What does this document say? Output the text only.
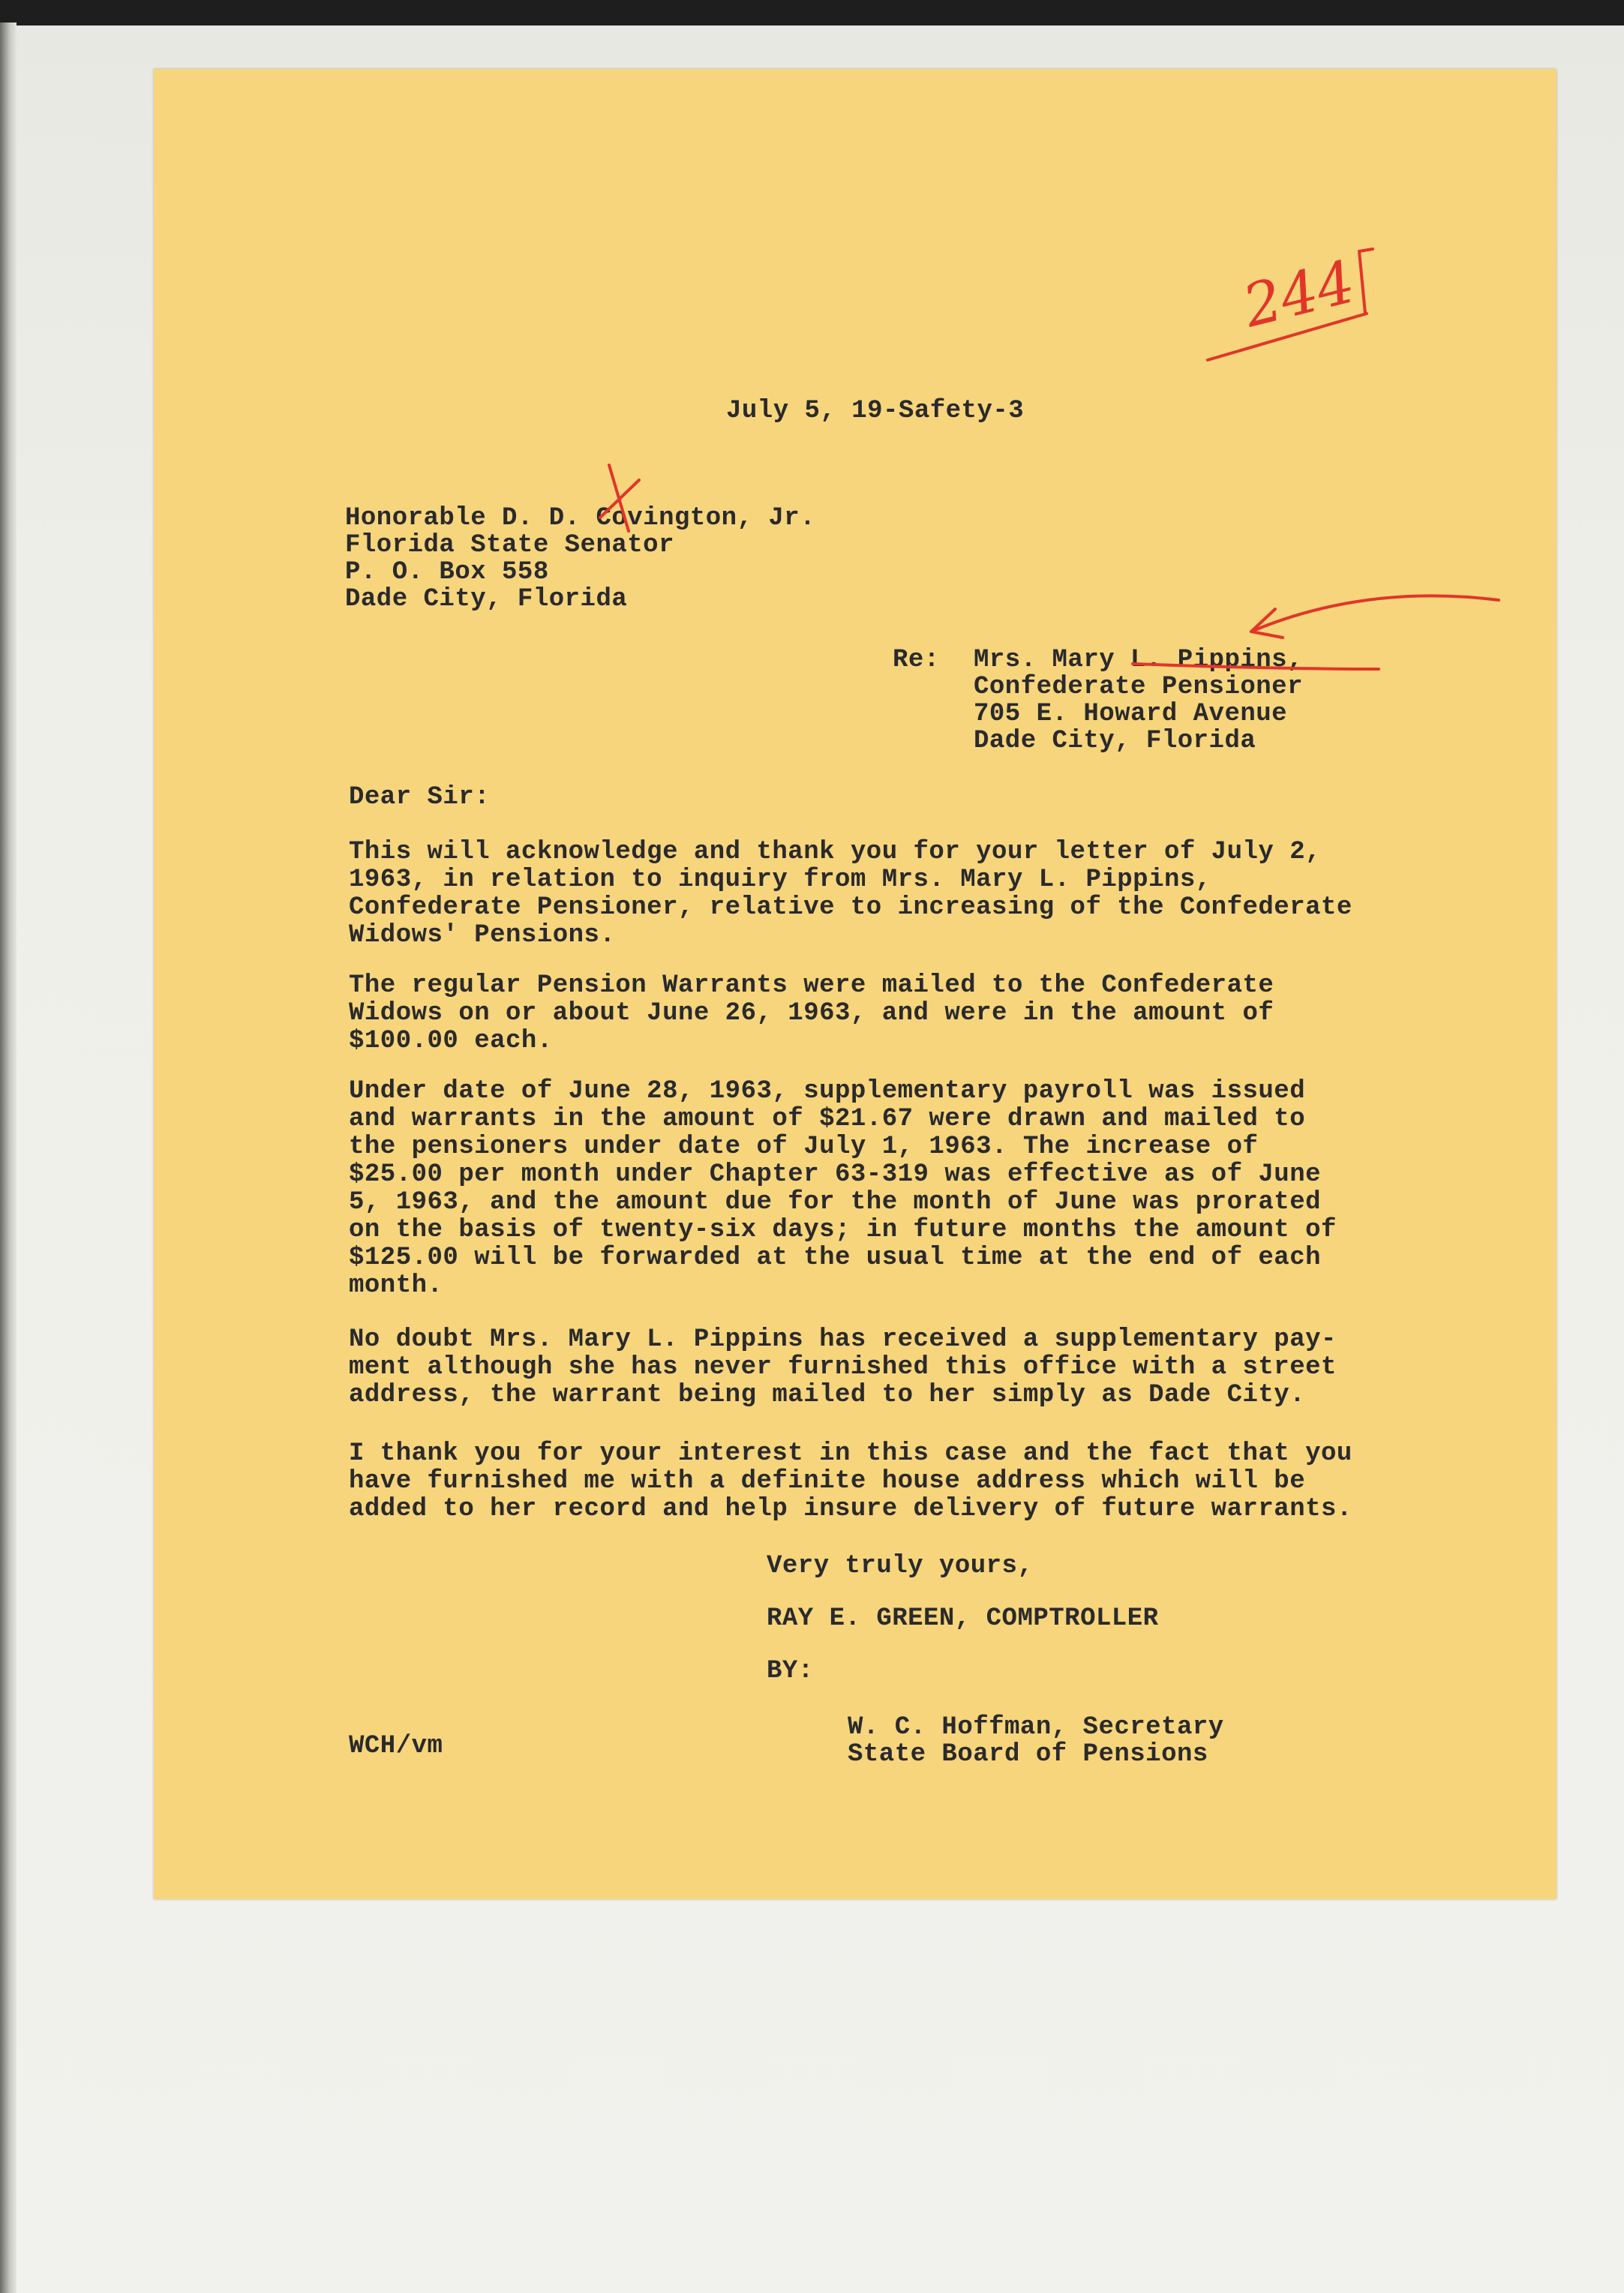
244
July 5, 19-Safety-3
Honorable D. D. Covington, Jr.
Florida State Senator
P. O. Box 558
Dade City, Florida
Re: Mrs. Mary L. Pippins,
Confederate Pensioner
705 E. Howard Avenue
Dade City, Florida
Dear Sir:
This will acknowledge and thank you for your letter of July 2,
1963, in relation to inquiry from Mrs. Mary L. Pippins,
Confederate Pensioner, relative to increasing of the Confederate
Widows' Pensions.
The regular Pension Warrants were mailed to the Confederate
Widows on or about June 26, 1963, and were in the amount of
$100.00 each.
Under date of June 28, 1963, supplementary payroll was issued
and warrants in the amount of $21.67 were drawn and mailed to
the pensioners under date of July 1, 1963. The increase of
$25.00 per month under Chapter 63-319 was effective as of June
5, 1963, and the amount due for the month of June was prorated
on the basis of twenty-six days; in future months the amount of
$125.00 will be forwarded at the usual time at the end of each
month.
No doubt Mrs. Mary L. Pippins has received a supplementary pay-
ment although she has never furnished this office with a street
address, the warrant being mailed to her simply as Dade City.
I thank you for your interest in this case and the fact that you
have furnished me with a definite house address which will be
added to her record and help insure delivery of future warrants.
Very truly yours,
RAY E. GREEN, COMPTROLLER
BY:
W. C. Hoffman, Secretary
State Board of Pensions
WCH/vm
